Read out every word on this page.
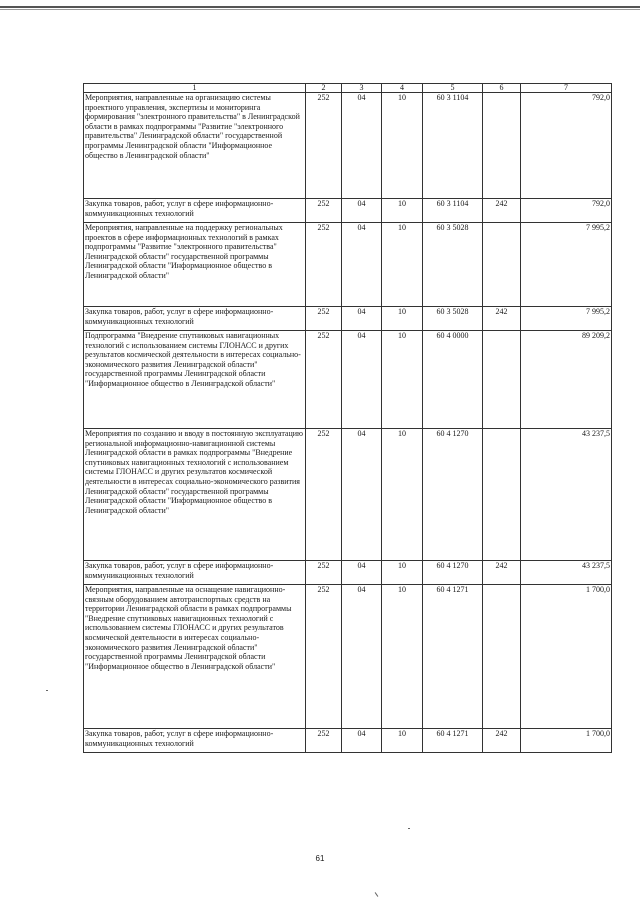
1	2	3	4	5	6	7
Мероприятия, направленные на организацию системы проектного управления, экспертизы и мониторинга формирования "электронного правительства" в Ленинградской области в рамках подпрограммы "Развитие "электронного правительства" Ленинградской области" государственной программы Ленинградской области "Информационное общество в Ленинградской области"	252	04	10	60 3 1104		792,0
Закупка товаров, работ, услуг в сфере информационно-коммуникационных технологий	252	04	10	60 3 1104	242	792,0
Мероприятия, направленные на поддержку региональных проектов в сфере информационных технологий в рамках подпрограммы "Развитие "электронного правительства" Ленинградской области" государственной программы Ленинградской области "Информационное общество в Ленинградской области"	252	04	10	60 3 5028		7 995,2
Закупка товаров, работ, услуг в сфере информационно-коммуникационных технологий	252	04	10	60 3 5028	242	7 995,2
Подпрограмма "Внедрение спутниковых навигационных технологий с использованием системы ГЛОНАСС и других результатов космической деятельности в интересах социально-экономического развития Ленинградской области" государственной программы Ленинградской области "Информационное общество в Ленинградской области"	252	04	10	60 4 0000		89 209,2
Мероприятия по созданию и вводу в постоянную эксплуатацию региональной информационно-навигационной системы Ленинградской области в рамках подпрограммы "Внедрение спутниковых навигационных технологий с использованием системы ГЛОНАСС и других результатов космической деятельности в интересах социально-экономического развития Ленинградской области" государственной программы Ленинградской области "Информационное общество в Ленинградской области"	252	04	10	60 4 1270		43 237,5
Закупка товаров, работ, услуг в сфере информационно-коммуникационных технологий	252	04	10	60 4 1270	242	43 237,5
Мероприятия, направленные на оснащение навигационно-связным оборудованием автотранспортных средств на территории Ленинградской области в рамках подпрограммы "Внедрение спутниковых навигационных технологий с использованием системы ГЛОНАСС и других результатов космической деятельности в интересах социально-экономического развития Ленинградской области" государственной программы Ленинградской области "Информационное общество в Ленинградской области"	252	04	10	60 4 1271		1 700,0
Закупка товаров, работ, услуг в сфере информационно-коммуникационных технологий	252	04	10	60 4 1271	242	1 700,0
61
